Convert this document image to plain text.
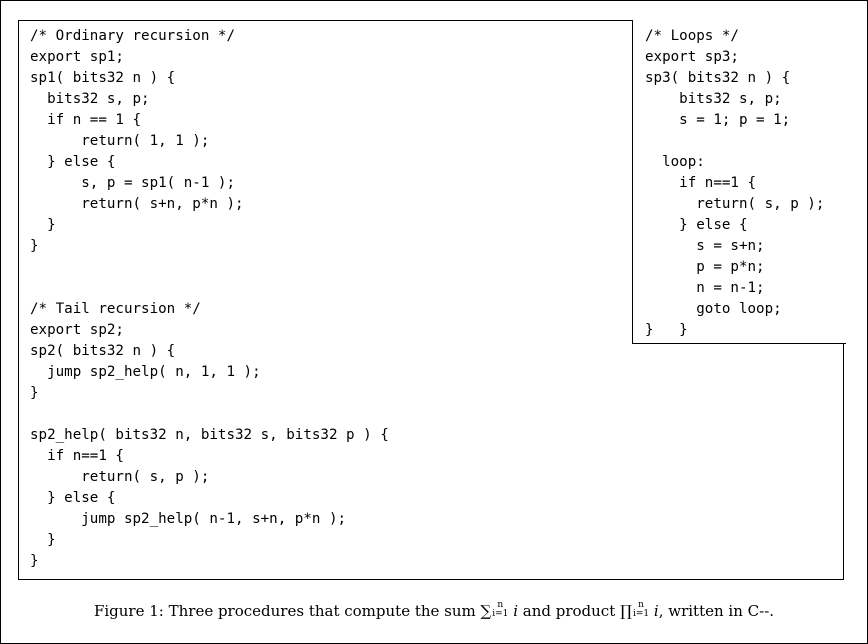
/* Ordinary recursion */
export sp1;
sp1( bits32 n ) {
bits32 s, p;
if n == 1 {
return( 1, 1 );
} else {
s, p = sp1( n-1 );
return( s+n, p*n );
}
}
/* Tail recursion */
export sp2;
sp2( bits32 n ) {
jump sp2_help( n, 1, 1 );
}
sp2_help( bits32 n, bits32 s, bits32 p ) {
if n==1 {
return( s, p );
} else {
jump sp2_help( n-1, s+n, p*n );
}
}
/* Loops */
export sp3;
sp3( bits32 n ) {
bits32 s, p;
s = 1; p = 1;
loop:
if n==1 {
return( s, p );
} else {
s = s+n;
p = p*n;
n = n-1;
goto loop;
}   }
Figure 1: Three procedures that compute the sum ∑ n
i=1 i and product ∏ n
i=1 i, written in C--.
